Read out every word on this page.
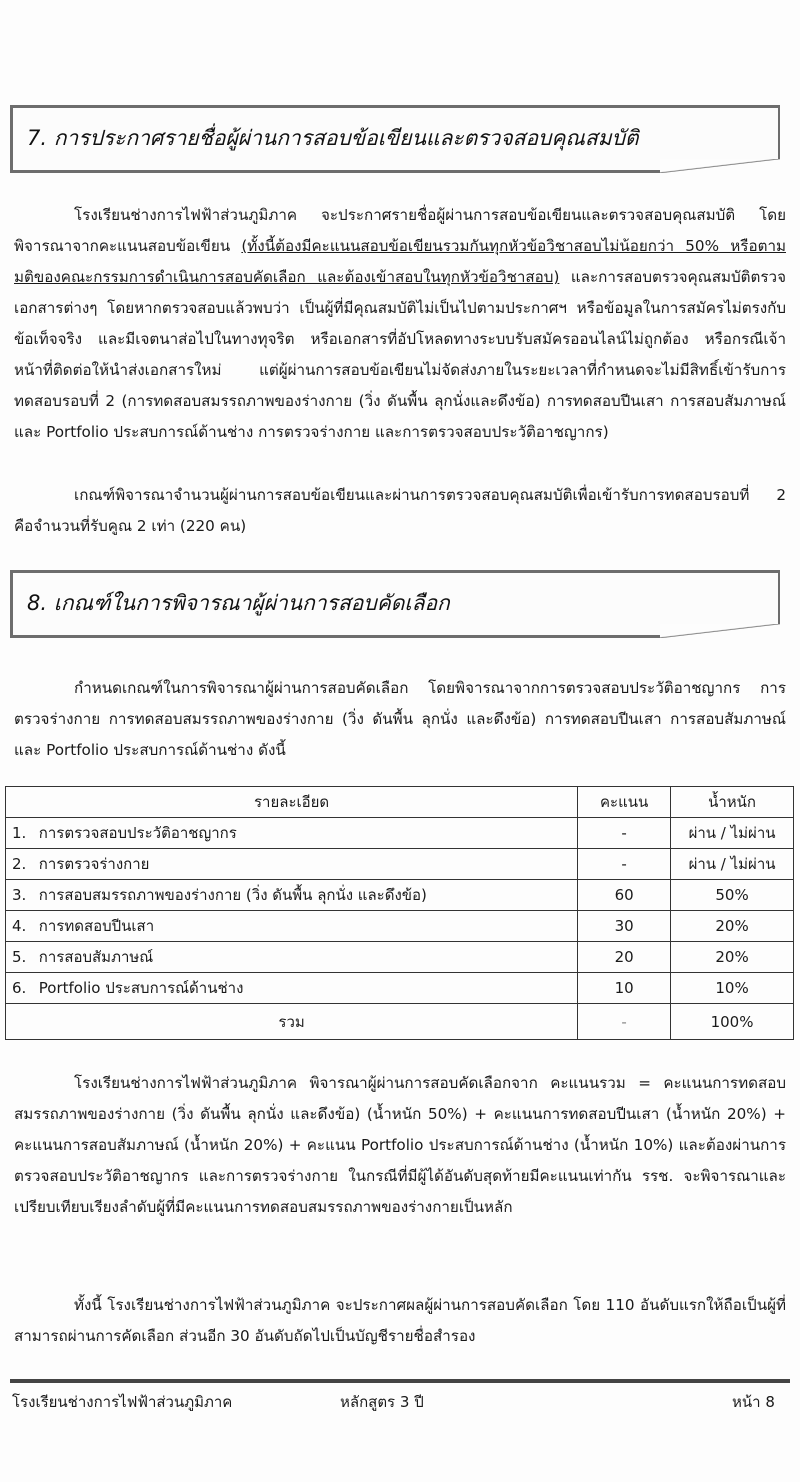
7. การประกาศรายชื่อผู้ผ่านการสอบข้อเขียนและตรวจสอบคุณสมบัติ
โรงเรียนช่างการไฟฟ้าส่วนภูมิภาค จะประกาศรายชื่อผู้ผ่านการสอบข้อเขียนและตรวจสอบคุณสมบัติ โดยพิจารณาจากคะแนนสอบข้อเขียน (ทั้งนี้ต้องมีคะแนนสอบข้อเขียนรวมกันทุกหัวข้อวิชาสอบไม่น้อยกว่า 50% หรือตามมติของคณะกรรมการดำเนินการสอบคัดเลือก และต้องเข้าสอบในทุกหัวข้อวิชาสอบ) และการสอบตรวจคุณสมบัติตรวจเอกสารต่างๆ โดยหากตรวจสอบแล้วพบว่า เป็นผู้ที่มีคุณสมบัติไม่เป็นไปตามประกาศฯ หรือข้อมูลในการสมัครไม่ตรงกับข้อเท็จจริง และมีเจตนาส่อไปในทางทุจริต หรือเอกสารที่อัปโหลดทางระบบรับสมัครออนไลน์ไม่ถูกต้อง หรือกรณีเจ้าหน้าที่ติดต่อให้นำส่งเอกสารใหม่ แต่ผู้ผ่านการสอบข้อเขียนไม่จัดส่งภายในระยะเวลาที่กำหนดจะไม่มีสิทธิ์เข้ารับการทดสอบรอบที่ 2 (การทดสอบสมรรถภาพของร่างกาย (วิ่ง ดันพื้น ลุกนั่งและดึงข้อ) การทดสอบปีนเสา การสอบสัมภาษณ์และ Portfolio ประสบการณ์ด้านช่าง การตรวจร่างกาย และการตรวจสอบประวัติอาชญากร)
เกณฑ์พิจารณาจำนวนผู้ผ่านการสอบข้อเขียนและผ่านการตรวจสอบคุณสมบัติเพื่อเข้ารับการทดสอบรอบที่ 2 คือจำนวนที่รับคูณ 2 เท่า (220 คน)
8. เกณฑ์ในการพิจารณาผู้ผ่านการสอบคัดเลือก
กำหนดเกณฑ์ในการพิจารณาผู้ผ่านการสอบคัดเลือก โดยพิจารณาจากการตรวจสอบประวัติอาชญากร การตรวจร่างกาย การทดสอบสมรรถภาพของร่างกาย (วิ่ง ดันพื้น ลุกนั่ง และดึงข้อ) การทดสอบปีนเสา การสอบสัมภาษณ์ และ Portfolio ประสบการณ์ด้านช่าง ดังนี้
รายละเอียด	คะแนน	น้ำหนัก
1. การตรวจสอบประวัติอาชญากร	-	ผ่าน / ไม่ผ่าน
2. การตรวจร่างกาย	-	ผ่าน / ไม่ผ่าน
3. การสอบสมรรถภาพของร่างกาย (วิ่ง ดันพื้น ลุกนั่ง และดึงข้อ)	60	50%
4. การทดสอบปีนเสา	30	20%
5. การสอบสัมภาษณ์	20	20%
6. Portfolio ประสบการณ์ด้านช่าง	10	10%
รวม	-	100%
โรงเรียนช่างการไฟฟ้าส่วนภูมิภาค พิจารณาผู้ผ่านการสอบคัดเลือกจาก คะแนนรวม = คะแนนการทดสอบสมรรถภาพของร่างกาย (วิ่ง ดันพื้น ลุกนั่ง และดึงข้อ) (น้ำหนัก 50%) + คะแนนการทดสอบปีนเสา (น้ำหนัก 20%) + คะแนนการสอบสัมภาษณ์ (น้ำหนัก 20%) + คะแนน Portfolio ประสบการณ์ด้านช่าง (น้ำหนัก 10%) และต้องผ่านการตรวจสอบประวัติอาชญากร และการตรวจร่างกาย ในกรณีที่มีผู้ได้อันดับสุดท้ายมีคะแนนเท่ากัน รรช. จะพิจารณาและเปรียบเทียบเรียงลำดับผู้ที่มีคะแนนการทดสอบสมรรถภาพของร่างกายเป็นหลัก
ทั้งนี้ โรงเรียนช่างการไฟฟ้าส่วนภูมิภาค จะประกาศผลผู้ผ่านการสอบคัดเลือก โดย 110 อันดับแรกให้ถือเป็นผู้ที่สามารถผ่านการคัดเลือก ส่วนอีก 30 อันดับถัดไปเป็นบัญชีรายชื่อสำรอง
โรงเรียนช่างการไฟฟ้าส่วนภูมิภาค	หลักสูตร 3 ปี	หน้า 8
